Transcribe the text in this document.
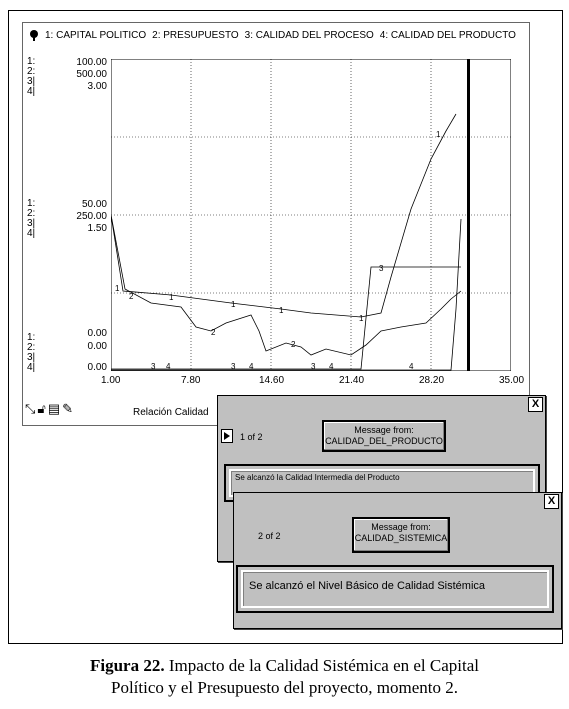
1: CAPITAL POLITICO 2: PRESUPUESTO 3: CALIDAD DEL PROCESO 4: CALIDAD DEL PRODUCTO
1:
2:
3|
4|
100.00
500.00
3.00
1:
2:
3|
4|
50.00
250.00
1.50
1:
2:
3|
4|
0.00
0.00
0.00
1
2	1
1
2
1
2
1
3
1
3 4	3 4	3 4	4
1.00	7.80	14.60	21.40	28.20	35.00
⤡ 🔓︎ ▤ ✎	Relación Calidad
X
1 of 2
Message from:
CALIDAD_DEL_PRODUCTO
Se alcanzó la Calidad Intermedia del Producto
X
2 of 2
Message from:
CALIDAD_SISTEMICA
Se alcanzó el Nivel Básico de Calidad Sistémica
Figura 22. Impacto de la Calidad Sistémica en el Capital
Político y el Presupuesto del proyecto, momento 2.
